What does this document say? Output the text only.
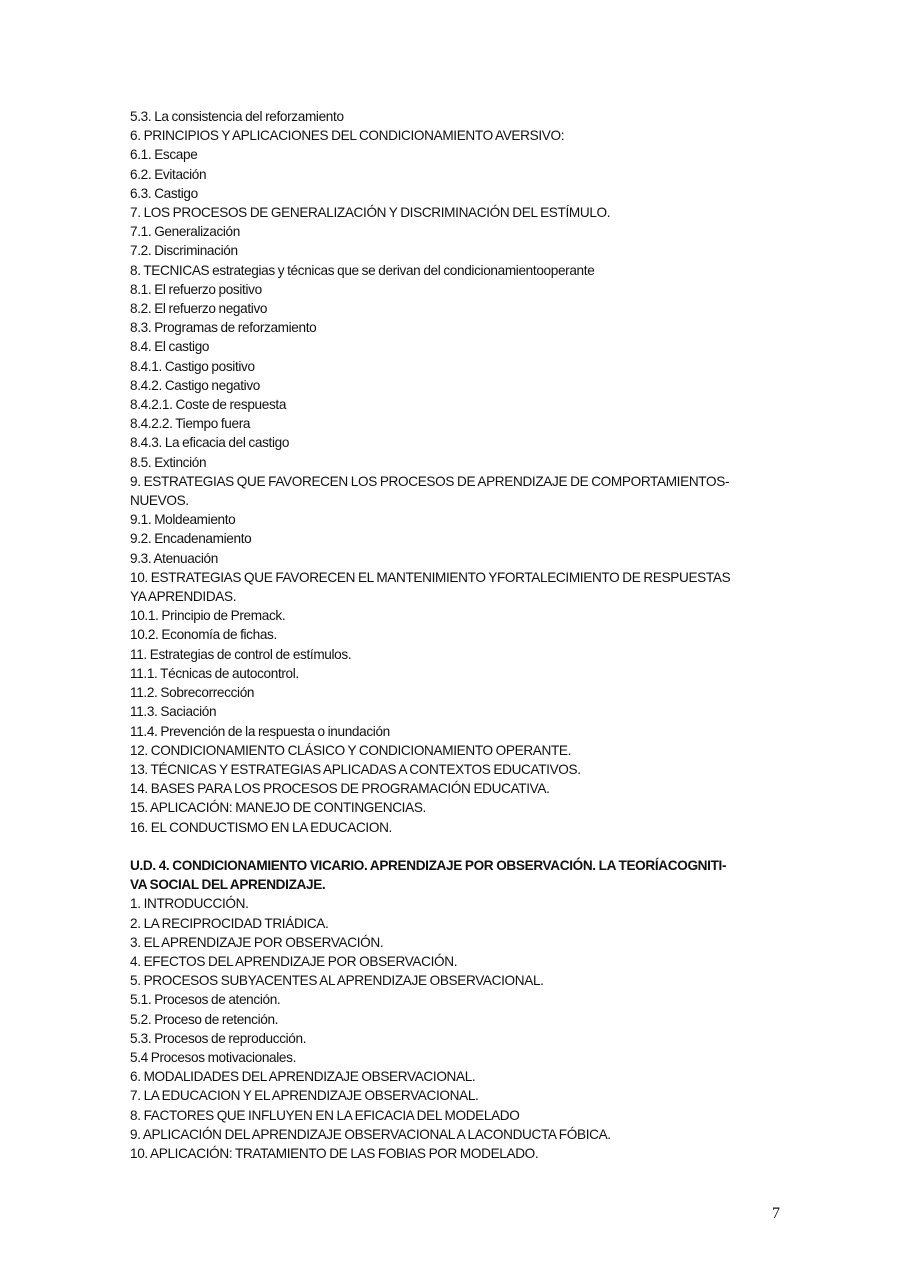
5.3. La consistencia del reforzamiento
6. PRINCIPIOS Y APLICACIONES DEL CONDICIONAMIENTO AVERSIVO:
6.1. Escape
6.2. Evitación
6.3. Castigo
7. LOS PROCESOS DE GENERALIZACIÓN Y DISCRIMINACIÓN DEL ESTÍMULO.
7.1. Generalización
7.2. Discriminación
8. TECNICAS estrategias y técnicas que se derivan del condicionamientooperante
8.1. El refuerzo positivo
8.2. El refuerzo negativo
8.3. Programas de reforzamiento
8.4. El castigo
8.4.1. Castigo positivo
8.4.2. Castigo negativo
8.4.2.1. Coste de respuesta
8.4.2.2. Tiempo fuera
8.4.3. La eficacia del castigo
8.5. Extinción
9. ESTRATEGIAS QUE FAVORECEN LOS PROCESOS DE APRENDIZAJE DE COMPORTAMIENTOS-
NUEVOS.
9.1. Moldeamiento
9.2. Encadenamiento
9.3. Atenuación
10. ESTRATEGIAS QUE FAVORECEN EL MANTENIMIENTO YFORTALECIMIENTO DE RESPUESTAS
YA APRENDIDAS.
10.1. Principio de Premack.
10.2. Economía de fichas.
11. Estrategias de control de estímulos.
11.1. Técnicas de autocontrol.
11.2. Sobrecorrección
11.3. Saciación
11.4. Prevención de la respuesta o inundación
12. CONDICIONAMIENTO CLÁSICO Y CONDICIONAMIENTO OPERANTE.
13. TÉCNICAS Y ESTRATEGIAS APLICADAS A CONTEXTOS EDUCATIVOS.
14. BASES PARA LOS PROCESOS DE PROGRAMACIÓN EDUCATIVA.
15. APLICACIÓN: MANEJO DE CONTINGENCIAS.
16. EL CONDUCTISMO EN LA EDUCACION.
U.D. 4. CONDICIONAMIENTO VICARIO. APRENDIZAJE POR OBSERVACIÓN. LA TEORÍACOGNITI-
VA SOCIAL DEL APRENDIZAJE.
1. INTRODUCCIÓN.
2. LA RECIPROCIDAD TRIÁDICA.
3. EL APRENDIZAJE POR OBSERVACIÓN.
4. EFECTOS DEL APRENDIZAJE POR OBSERVACIÓN.
5. PROCESOS SUBYACENTES AL APRENDIZAJE OBSERVACIONAL.
5.1. Procesos de atención.
5.2. Proceso de retención.
5.3. Procesos de reproducción.
5.4 Procesos motivacionales.
6. MODALIDADES DEL APRENDIZAJE OBSERVACIONAL.
7. LA EDUCACION Y EL APRENDIZAJE OBSERVACIONAL.
8. FACTORES QUE INFLUYEN EN LA EFICACIA DEL MODELADO
9. APLICACIÓN DEL APRENDIZAJE OBSERVACIONAL A LACONDUCTA FÓBICA.
10. APLICACIÓN: TRATAMIENTO DE LAS FOBIAS POR MODELADO.
7
